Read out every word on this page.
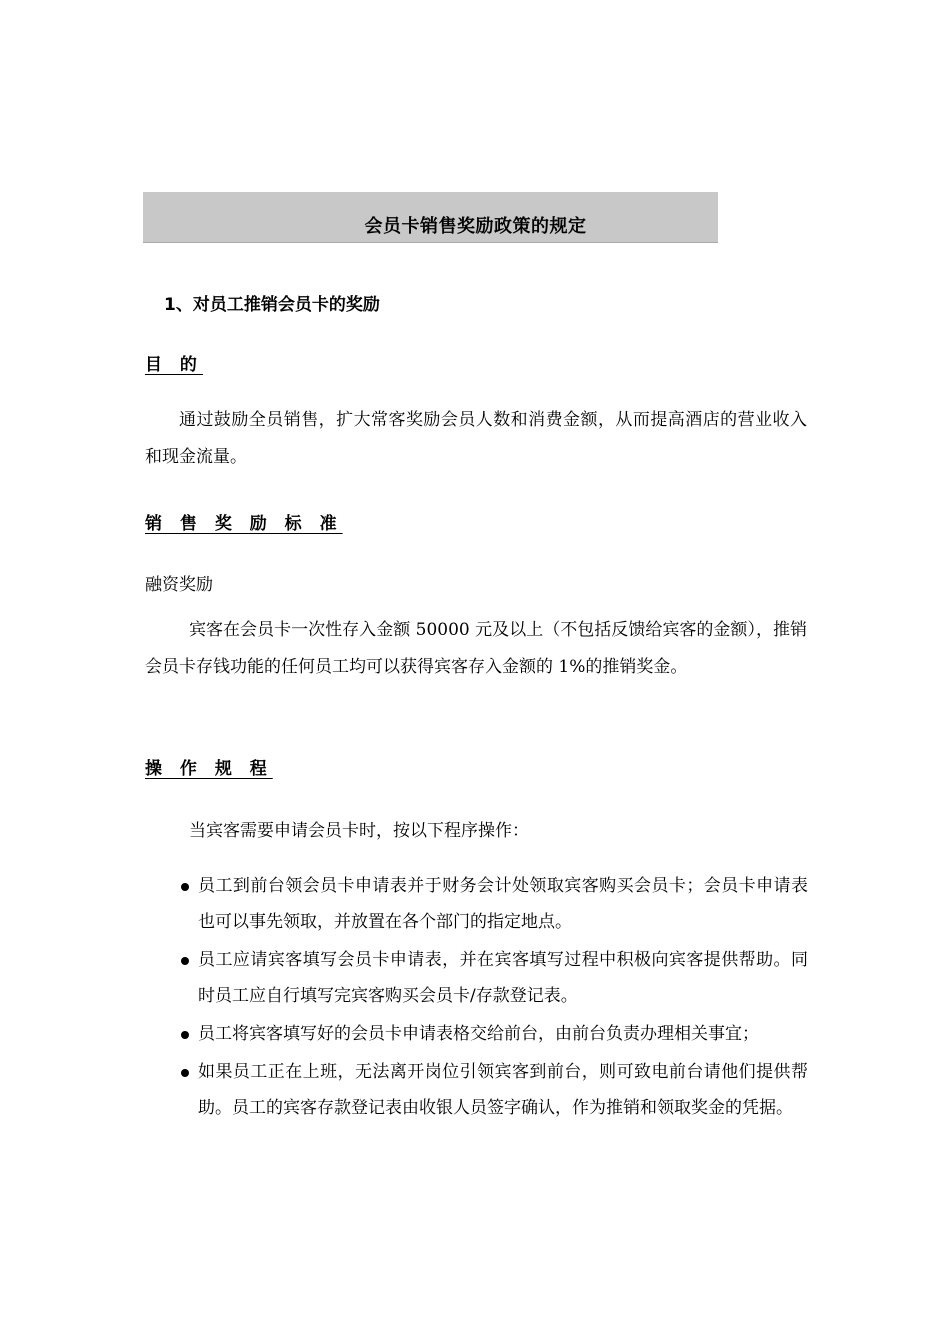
会员卡销售奖励政策的规定
1、对员工推销会员卡的奖励
目 的
通过鼓励全员销售，扩大常客奖励会员人数和消费金额，从而提高酒店的营业收入和现金流量。
销 售 奖 励 标 准
融资奖励
宾客在会员卡一次性存入金额 50000 元及以上（不包括反馈给宾客的金额），推销会员卡存钱功能的任何员工均可以获得宾客存入金额的 1%的推销奖金。
操 作 规 程
当宾客需要申请会员卡时，按以下程序操作：
员工到前台领会员卡申请表并于财务会计处领取宾客购买会员卡；会员卡申请表也可以事先领取，并放置在各个部门的指定地点。
员工应请宾客填写会员卡申请表，并在宾客填写过程中积极向宾客提供帮助。同时员工应自行填写完宾客购买会员卡/存款登记表。
员工将宾客填写好的会员卡申请表格交给前台，由前台负责办理相关事宜；
如果员工正在上班，无法离开岗位引领宾客到前台，则可致电前台请他们提供帮助。员工的宾客存款登记表由收银人员签字确认，作为推销和领取奖金的凭据。
